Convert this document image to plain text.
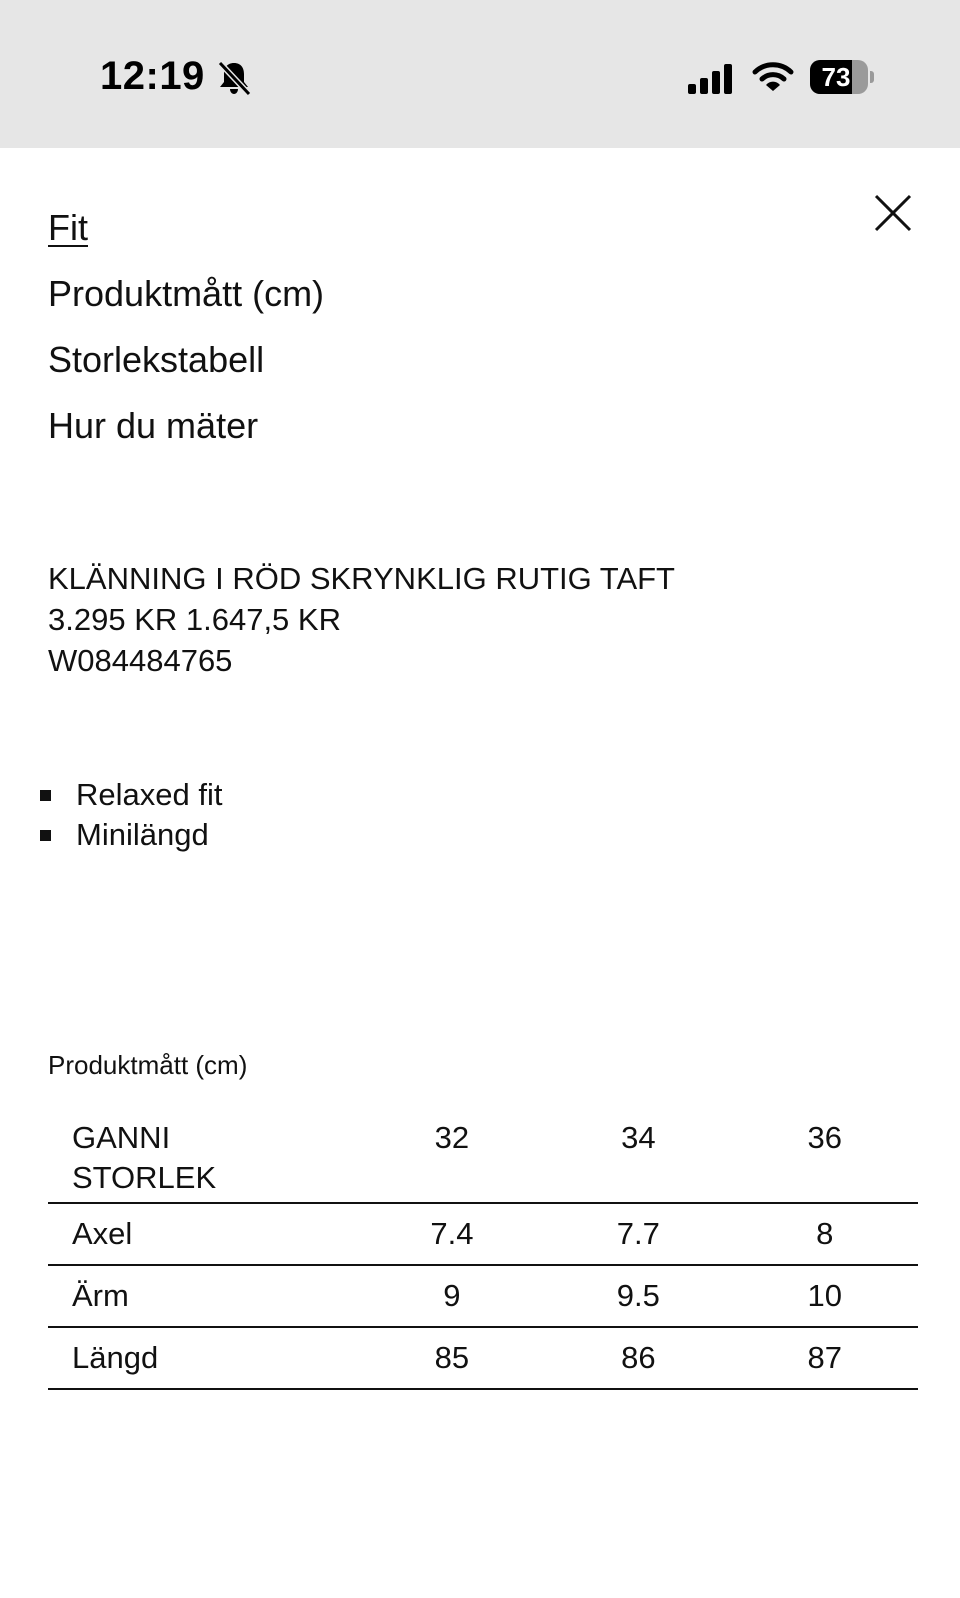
12:19	73
Fit
Produktmått (cm)
Storlekstabell
Hur du mäter
KLÄNNING I RÖD SKRYNKLIG RUTIG TAFT
3.295 KR 1.647,5 KR
W084484765
Relaxed fit
Minilängd
Produktmått (cm)
GANNI
STORLEK	32	34	36
Axel	7.4	7.7	8
Ärm	9	9.5	10
Längd	85	86	87
